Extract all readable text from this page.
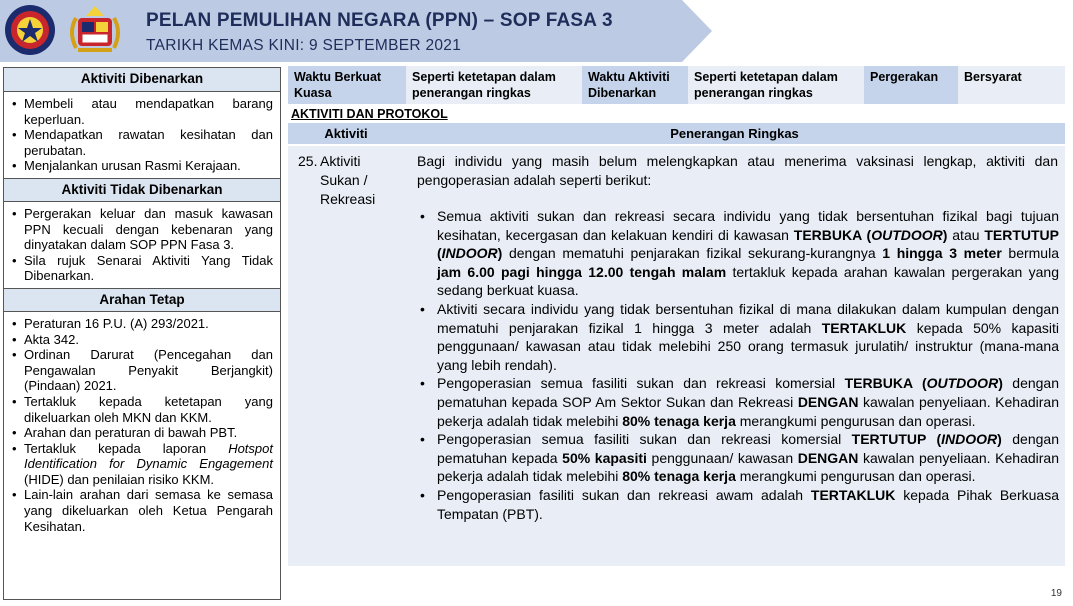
PELAN PEMULIHAN NEGARA (PPN) – SOP FASA 3
TARIKH KEMAS KINI: 9 SEPTEMBER 2021
Aktiviti Dibenarkan
• Membeli atau mendapatkan barang keperluan.
• Mendapatkan rawatan kesihatan dan perubatan.
• Menjalankan urusan Rasmi Kerajaan.
Aktiviti Tidak Dibenarkan
• Pergerakan keluar dan masuk kawasan PPN kecuali dengan kebenaran yang dinyatakan dalam SOP PPN Fasa 3.
• Sila rujuk Senarai Aktiviti Yang Tidak Dibenarkan.
Arahan Tetap
• Peraturan 16 P.U. (A) 293/2021.
• Akta 342.
• Ordinan Darurat (Pencegahan dan Pengawalan Penyakit Berjangkit) (Pindaan) 2021.
• Tertakluk kepada ketetapan yang dikeluarkan oleh MKN dan KKM.
• Arahan dan peraturan di bawah PBT.
• Tertakluk kepada laporan Hotspot Identification for Dynamic Engagement (HIDE) dan penilaian risiko KKM.
• Lain-lain arahan dari semasa ke semasa yang dikeluarkan oleh Ketua Pengarah Kesihatan.
Waktu Berkuat Kuasa
Seperti ketetapan dalam penerangan ringkas
Waktu Aktiviti Dibenarkan
Seperti ketetapan dalam penerangan ringkas
Pergerakan	Bersyarat
AKTIVITI DAN PROTOKOL
Aktiviti	Penerangan Ringkas
25. Aktiviti Sukan / Rekreasi
Bagi individu yang masih belum melengkapkan atau menerima vaksinasi lengkap, aktiviti dan pengoperasian adalah seperti berikut:
• Semua aktiviti sukan dan rekreasi secara individu yang tidak bersentuhan fizikal bagi tujuan kesihatan, kecergasan dan kelakuan kendiri di kawasan TERBUKA (OUTDOOR) atau TERTUTUP (INDOOR) dengan mematuhi penjarakan fizikal sekurang-kurangnya 1 hingga 3 meter bermula jam 6.00 pagi hingga 12.00 tengah malam tertakluk kepada arahan kawalan pergerakan yang sedang berkuat kuasa.
• Aktiviti secara individu yang tidak bersentuhan fizikal di mana dilakukan dalam kumpulan dengan mematuhi penjarakan fizikal 1 hingga 3 meter adalah TERTAKLUK kepada 50% kapasiti penggunaan/ kawasan atau tidak melebihi 250 orang termasuk jurulatih/ instruktur (mana-mana yang lebih rendah).
• Pengoperasian semua fasiliti sukan dan rekreasi komersial TERBUKA (OUTDOOR) dengan pematuhan kepada SOP Am Sektor Sukan dan Rekreasi DENGAN kawalan penyeliaan. Kehadiran pekerja adalah tidak melebihi 80% tenaga kerja merangkumi pengurusan dan operasi.
• Pengoperasian semua fasiliti sukan dan rekreasi komersial TERTUTUP (INDOOR) dengan pematuhan kepada 50% kapasiti penggunaan/ kawasan DENGAN kawalan penyeliaan. Kehadiran pekerja adalah tidak melebihi 80% tenaga kerja merangkumi pengurusan dan operasi.
• Pengoperasian fasiliti sukan dan rekreasi awam adalah TERTAKLUK kepada Pihak Berkuasa Tempatan (PBT).
19
